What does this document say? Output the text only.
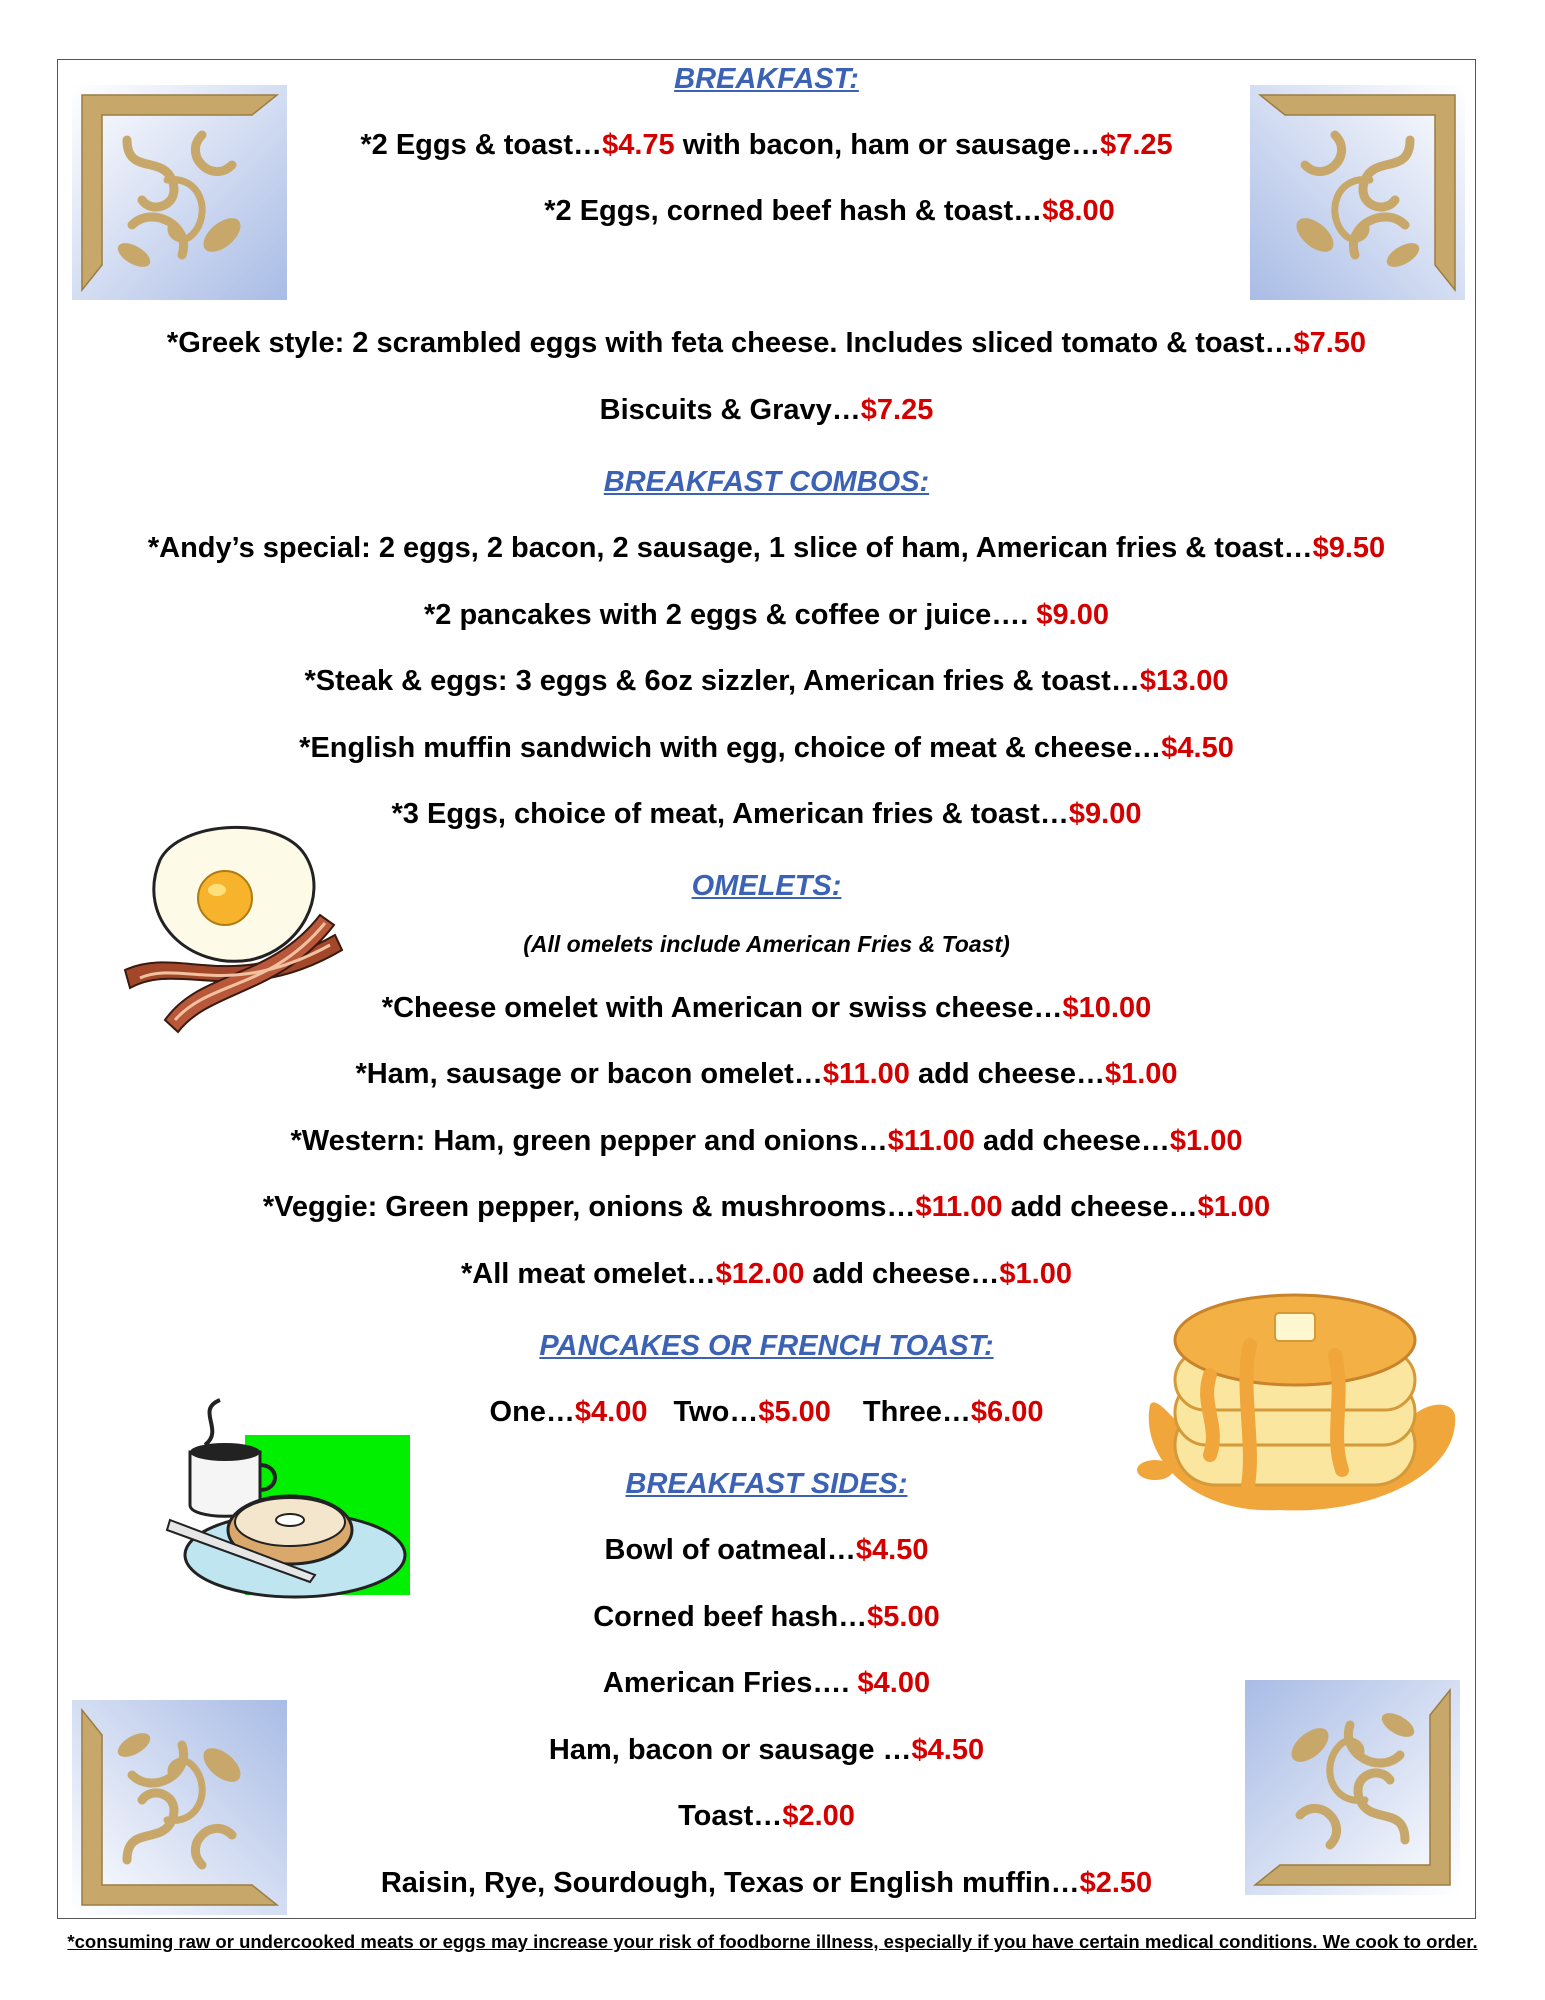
BREAKFAST:
*2 Eggs & toast…$4.75 with bacon, ham or sausage…$7.25
*2 Eggs, corned beef hash & toast…$8.00
*Greek style: 2 scrambled eggs with feta cheese. Includes sliced tomato & toast…$7.50
Biscuits & Gravy…$7.25
BREAKFAST COMBOS:
*Andy’s special: 2 eggs, 2 bacon, 2 sausage, 1 slice of ham, American fries & toast…$9.50
*2 pancakes with 2 eggs & coffee or juice…. $9.00
*Steak & eggs: 3 eggs & 6oz sizzler, American fries & toast…$13.00
*English muffin sandwich with egg, choice of meat & cheese…$4.50
*3 Eggs, choice of meat, American fries & toast…$9.00
OMELETS:
(All omelets include American Fries & Toast)
*Cheese omelet with American or swiss cheese…$10.00
*Ham, sausage or bacon omelet…$11.00 add cheese…$1.00
*Western: Ham, green pepper and onions…$11.00 add cheese…$1.00
*Veggie: Green pepper, onions & mushrooms…$11.00 add cheese…$1.00
*All meat omelet…$12.00 add cheese…$1.00
PANCAKES OR FRENCH TOAST:
One…$4.00 Two…$5.00 Three…$6.00
BREAKFAST SIDES:
Bowl of oatmeal…$4.50
Corned beef hash…$5.00
American Fries…. $4.00
Ham, bacon or sausage …$4.50
Toast…$2.00
Raisin, Rye, Sourdough, Texas or English muffin…$2.50
*consuming raw or undercooked meats or eggs may increase your risk of foodborne illness, especially if you have certain medical conditions. We cook to order.
